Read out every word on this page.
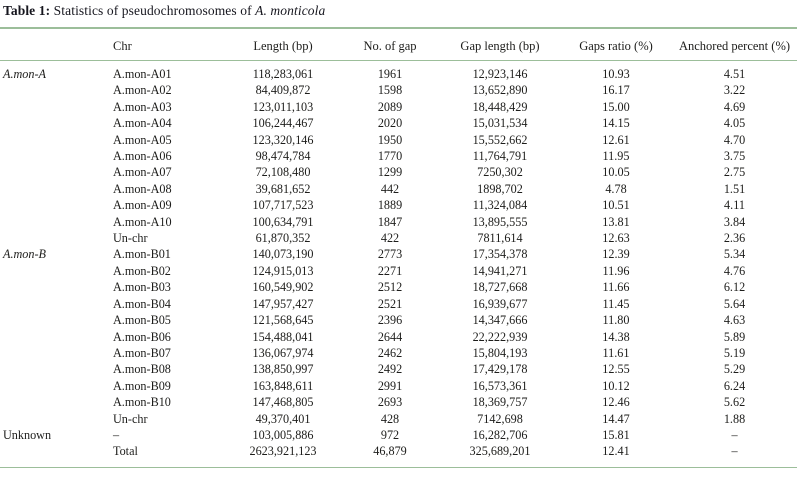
Table 1: Statistics of pseudochromosomes of A. monticola
	Chr	Length (bp)	No. of gap	Gap length (bp)	Gaps ratio (%)	Anchored percent (%)
A.mon-A	A.mon-A01	118,283,061	1961	12,923,146	10.93	4.51
	A.mon-A02	84,409,872	1598	13,652,890	16.17	3.22
	A.mon-A03	123,011,103	2089	18,448,429	15.00	4.69
	A.mon-A04	106,244,467	2020	15,031,534	14.15	4.05
	A.mon-A05	123,320,146	1950	15,552,662	12.61	4.70
	A.mon-A06	98,474,784	1770	11,764,791	11.95	3.75
	A.mon-A07	72,108,480	1299	7250,302	10.05	2.75
	A.mon-A08	39,681,652	442	1898,702	4.78	1.51
	A.mon-A09	107,717,523	1889	11,324,084	10.51	4.11
	A.mon-A10	100,634,791	1847	13,895,555	13.81	3.84
	Un-chr	61,870,352	422	7811,614	12.63	2.36
A.mon-B	A.mon-B01	140,073,190	2773	17,354,378	12.39	5.34
	A.mon-B02	124,915,013	2271	14,941,271	11.96	4.76
	A.mon-B03	160,549,902	2512	18,727,668	11.66	6.12
	A.mon-B04	147,957,427	2521	16,939,677	11.45	5.64
	A.mon-B05	121,568,645	2396	14,347,666	11.80	4.63
	A.mon-B06	154,488,041	2644	22,222,939	14.38	5.89
	A.mon-B07	136,067,974	2462	15,804,193	11.61	5.19
	A.mon-B08	138,850,997	2492	17,429,178	12.55	5.29
	A.mon-B09	163,848,611	2991	16,573,361	10.12	6.24
	A.mon-B10	147,468,805	2693	18,369,757	12.46	5.62
	Un-chr	49,370,401	428	7142,698	14.47	1.88
Unknown	–	103,005,886	972	16,282,706	15.81	–
	Total	2623,921,123	46,879	325,689,201	12.41	–
